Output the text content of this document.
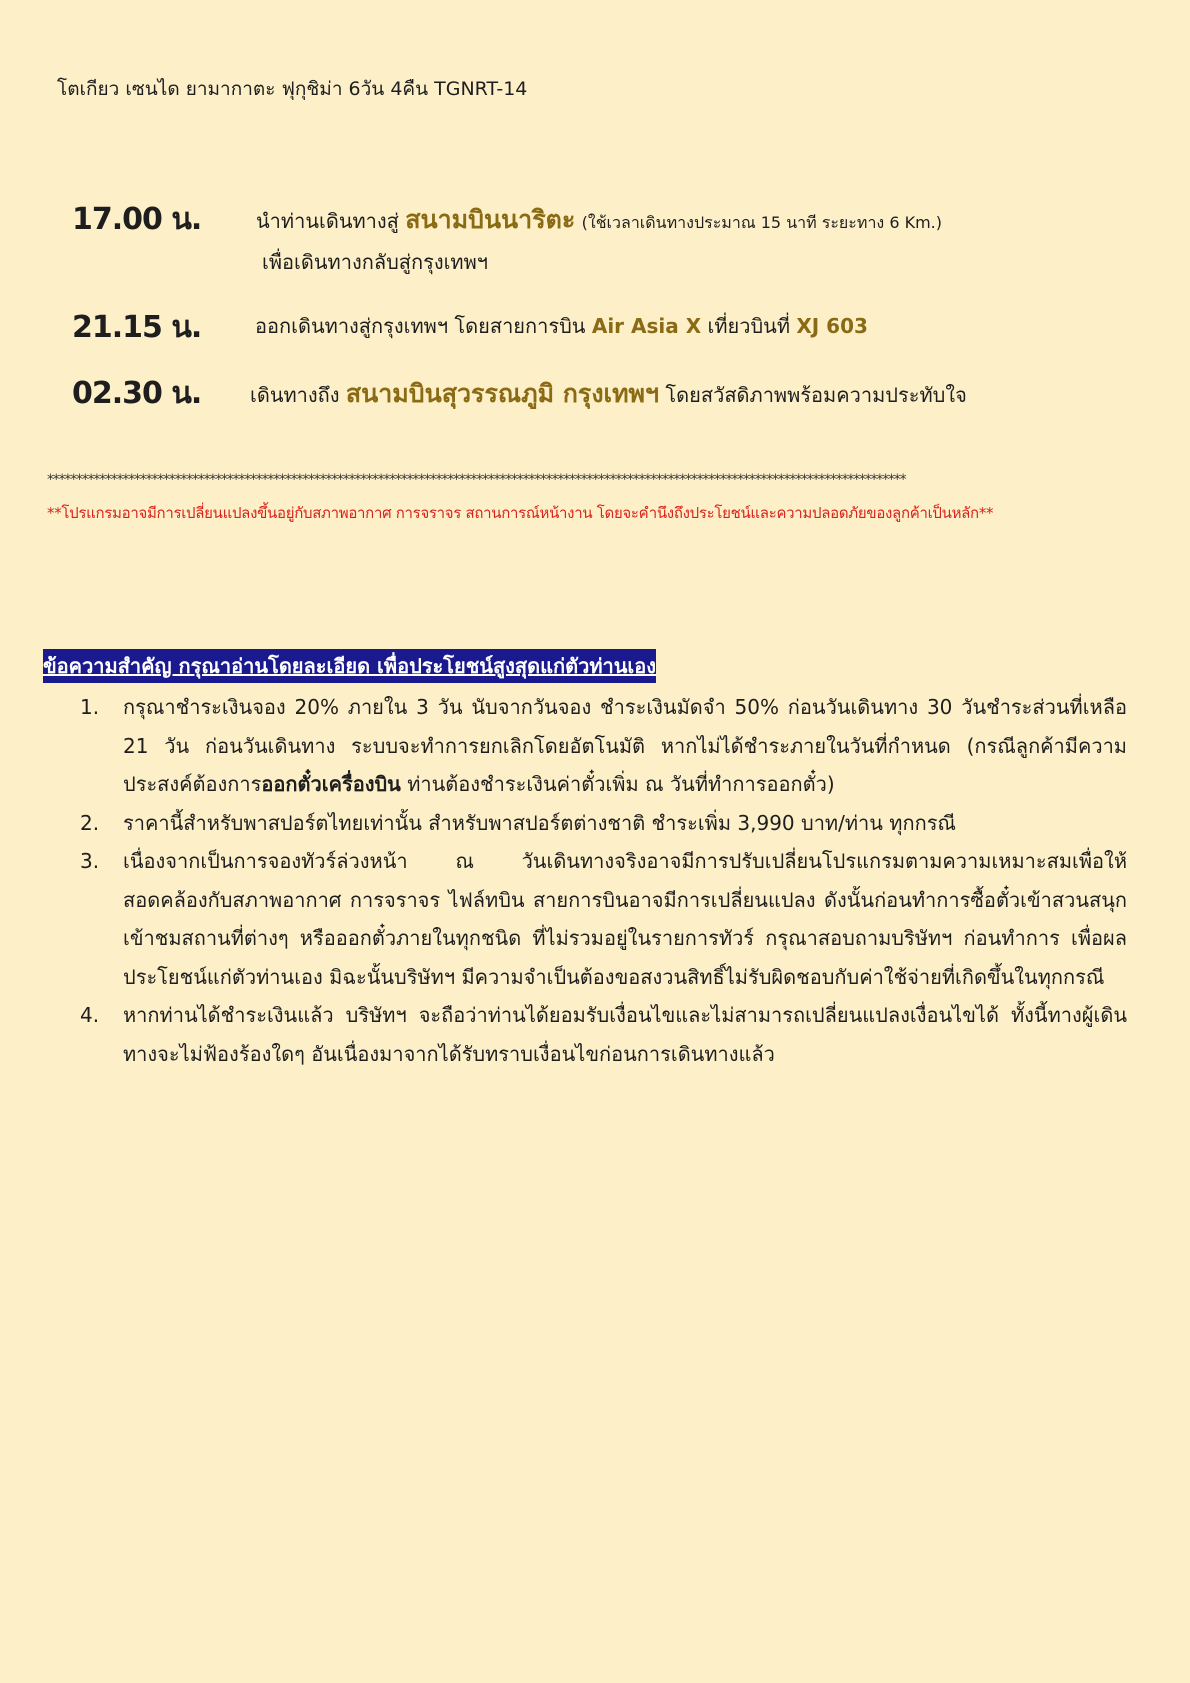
โตเกียว เซนได ยามากาตะ ฟุกุชิม่า 6วัน 4คืน TGNRT-14
17.00 น.	นำท่านเดินทางสู่ สนามบินนาริตะ (ใช้เวลาเดินทางประมาณ 15 นาที ระยะทาง 6 Km.)
เพื่อเดินทางกลับสู่กรุงเทพฯ
21.15 น.	ออกเดินทางสู่กรุงเทพฯ โดยสายการบิน Air Asia X เที่ยวบินที่ XJ 603
02.30 น. เดินทางถึง สนามบินสุวรรณภูมิ กรุงเทพฯ โดยสวัสดิภาพพร้อมความประทับใจ
****************************************************************************************************************************************************
**โปรแกรมอาจมีการเปลี่ยนแปลงขึ้นอยู่กับสภาพอากาศ การจราจร สถานการณ์หน้างาน โดยจะคำนึงถึงประโยชน์และความปลอดภัยของลูกค้าเป็นหลัก**
ข้อความสำคัญ กรุณาอ่านโดยละเอียด เพื่อประโยชน์สูงสุดแก่ตัวท่านเอง
1.	กรุณาชำระเงินจอง 20% ภายใน 3 วัน นับจากวันจอง ชำระเงินมัดจำ 50% ก่อนวันเดินทาง 30 วันชำระส่วนที่เหลือ 21 วัน ก่อนวันเดินทาง ระบบจะทำการยกเลิกโดยอัตโนมัติ หากไม่ได้ชำระภายในวันที่กำหนด (กรณีลูกค้ามีความประสงค์ต้องการออกตั๋วเครื่องบิน ท่านต้องชำระเงินค่าตั๋วเพิ่ม ณ วันที่ทำการออกตั๋ว)
2.	ราคานี้สำหรับพาสปอร์ตไทยเท่านั้น สำหรับพาสปอร์ตต่างชาติ ชำระเพิ่ม 3,990 บาท/ท่าน ทุกกรณี
3.	เนื่องจากเป็นการจองทัวร์ล่วงหน้า ณ วันเดินทางจริงอาจมีการปรับเปลี่ยนโปรแกรมตามความเหมาะสมเพื่อให้สอดคล้องกับสภาพอากาศ การจราจร ไฟล์ทบิน สายการบินอาจมีการเปลี่ยนแปลง ดังนั้นก่อนทำการซื้อตั๋วเข้าสวนสนุก เข้าชมสถานที่ต่างๆ หรือออกตั๋วภายในทุกชนิด ที่ไม่รวมอยู่ในรายการทัวร์ กรุณาสอบถามบริษัทฯ ก่อนทำการ เพื่อผลประโยชน์แก่ตัวท่านเอง มิฉะนั้นบริษัทฯ มีความจำเป็นต้องขอสงวนสิทธิ์ไม่รับผิดชอบกับค่าใช้จ่ายที่เกิดขึ้นในทุกกรณี
4.	หากท่านได้ชำระเงินแล้ว บริษัทฯ จะถือว่าท่านได้ยอมรับเงื่อนไขและไม่สามารถเปลี่ยนแปลงเงื่อนไขได้ ทั้งนี้ทางผู้เดินทางจะไม่ฟ้องร้องใดๆ อันเนื่องมาจากได้รับทราบเงื่อนไขก่อนการเดินทางแล้ว
